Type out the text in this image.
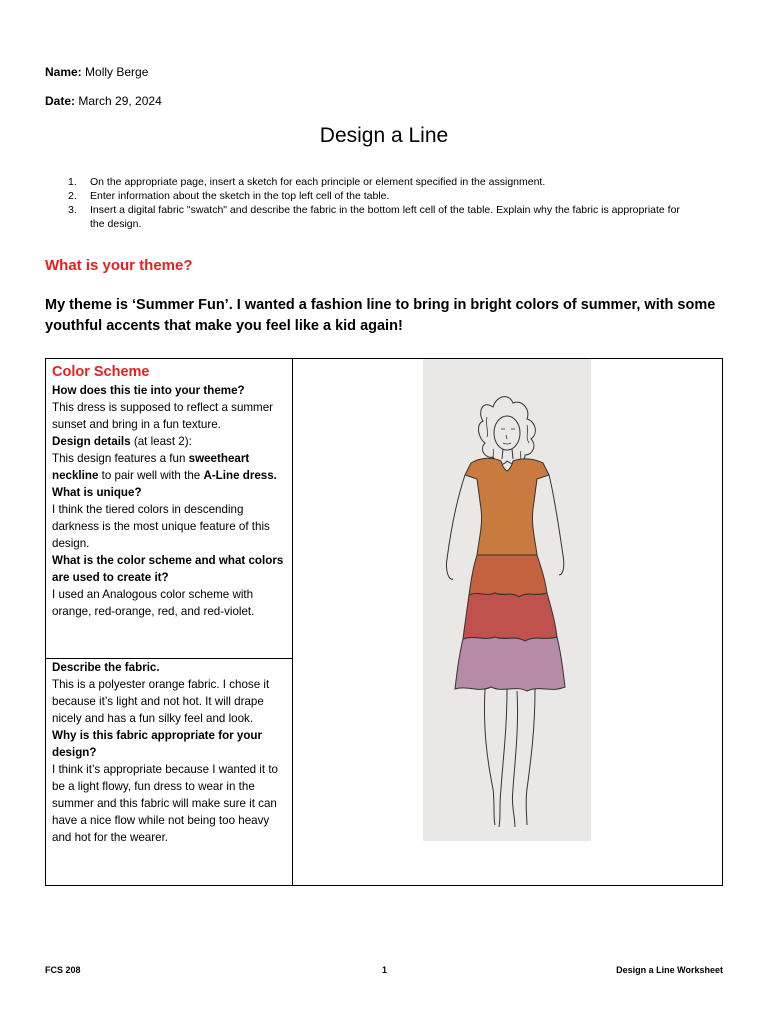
Name: Molly Berge
Date: March 29, 2024
Design a Line
1. On the appropriate page, insert a sketch for each principle or element specified in the assignment.
2. Enter information about the sketch in the top left cell of the table.
3. Insert a digital fabric "swatch" and describe the fabric in the bottom left cell of the table. Explain why the fabric is appropriate for the design.
What is your theme?
My theme is ‘Summer Fun’. I wanted a fashion line to bring in bright colors of summer, with some youthful accents that make you feel like a kid again!
Color Scheme
How does this tie into your theme?
This dress is supposed to reflect a summer sunset and bring in a fun texture.
Design details (at least 2):
This design features a fun sweetheart neckline to pair well with the A-Line dress.
What is unique?
I think the tiered colors in descending darkness is the most unique feature of this design.
What is the color scheme and what colors are used to create it?
I used an Analogous color scheme with orange, red-orange, red, and red-violet.
Describe the fabric.
This is a polyester orange fabric. I chose it because it’s light and not hot. It will drape nicely and has a fun silky feel and look.
Why is this fabric appropriate for your design?
I think it’s appropriate because I wanted it to be a light flowy, fun dress to wear in the summer and this fabric will make sure it can have a nice flow while not being too heavy and hot for the wearer.
FCS 208	1	Design a Line Worksheet
